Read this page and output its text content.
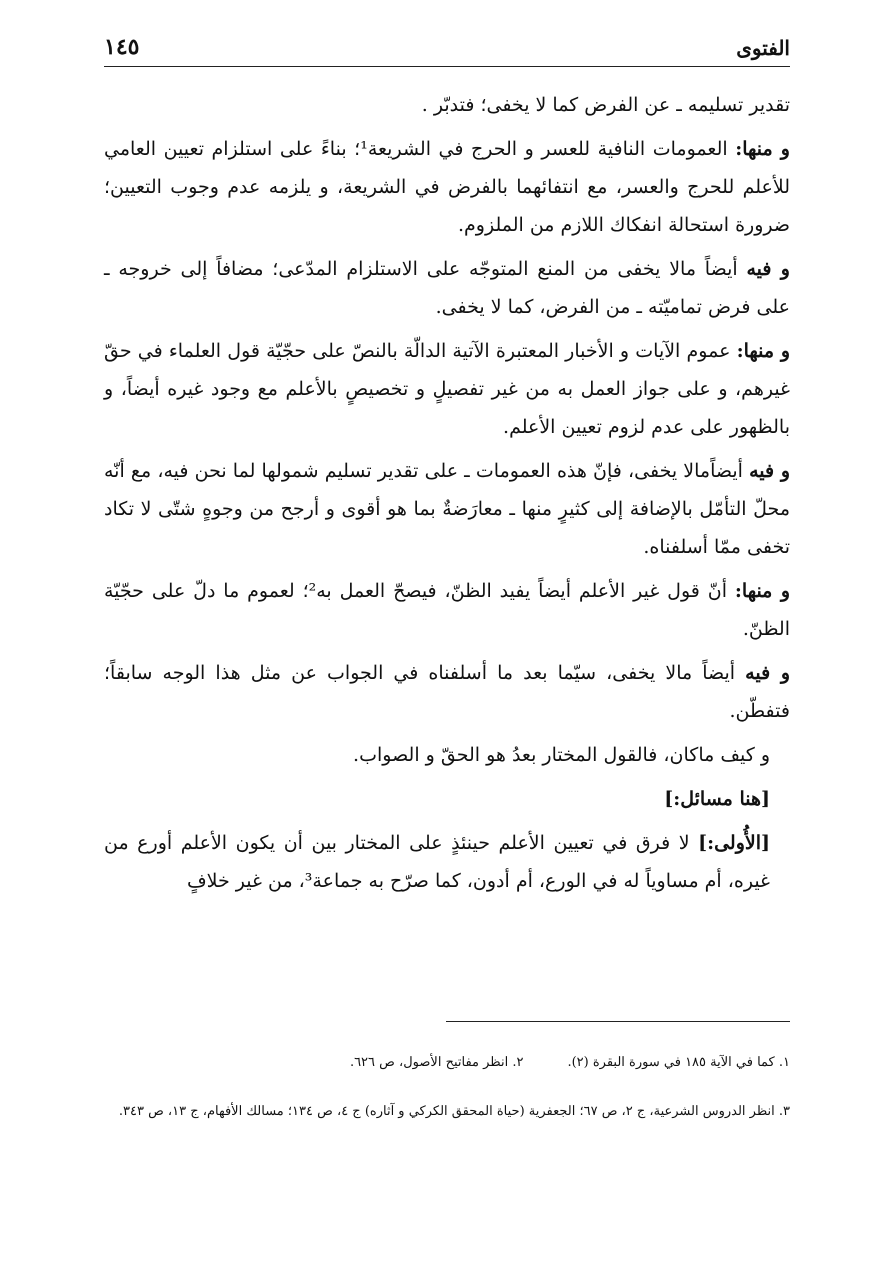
الفتوى
١٤٥

تقدير تسليمه ـ عن الفرض كما لا يخفى؛ فتدبّر .

و منها: العمومات النافية للعسر و الحرج في الشريعة¹؛ بناءً على استلزام تعيين العامي للأعلم للحرج والعسر، مع انتفائهما بالفرض في الشريعة، و يلزمه عدم وجوب التعيين؛ ضرورة استحالة انفكاك اللازم من الملزوم.

و فيه أيضاً مالا يخفى من المنع المتوجّه على الاستلزام المدّعى؛ مضافاً إلى خروجه ـ على فرض تماميّته ـ من الفرض، كما لا يخفى.

و منها: عموم الآيات و الأخبار المعتبرة الآتية الدالّة بالنصّ على حجّيّة قول العلماء في حقّ غيرهم، و على جواز العمل به من غير تفصيلٍ و تخصيصٍ بالأعلم مع وجود غيره أيضاً، و بالظهور على عدم لزوم تعيين الأعلم.

و فيه أيضاًمالا يخفى، فإنّ هذه العمومات ـ على تقدير تسليم شمولها لما نحن فيه، مع أنّه محلّ التأمّل بالإضافة إلى كثيرٍ منها ـ معارَضةٌ بما هو أقوى و أرجح من وجوهٍ شتّى لا تكاد تخفى ممّا أسلفناه.

و منها: أنّ قول غير الأعلم أيضاً يفيد الظنّ، فيصحّ العمل به²؛ لعموم ما دلّ على حجّيّة الظنّ.

و فيه أيضاً مالا يخفى، سيّما بعد ما أسلفناه في الجواب عن مثل هذا الوجه سابقاً؛ فتفطّن.

و كيف ماكان، فالقول المختار بعدُ هو الحقّ و الصواب.

[هنا مسائل:]

[الأُولى:] لا فرق في تعيين الأعلم حينئذٍ على المختار بين أن يكون الأعلم أورع من غيره، أم مساوياً له في الورع، أم أدون، كما صرّح به جماعة³، من غير خلافٍ

١. كما في الآية ١٨٥ في سورة البقرة (٢).

٢. انظر مفاتيح الأصول، ص ٦٢٦.

٣. انظر الدروس الشرعية، ج ٢، ص ٦٧؛ الجعفرية (حياة المحقق الكركي و آثاره) ج ٤، ص ١٣٤؛ مسالك الأفهام، ج ١٣، ص ٣٤٣.
